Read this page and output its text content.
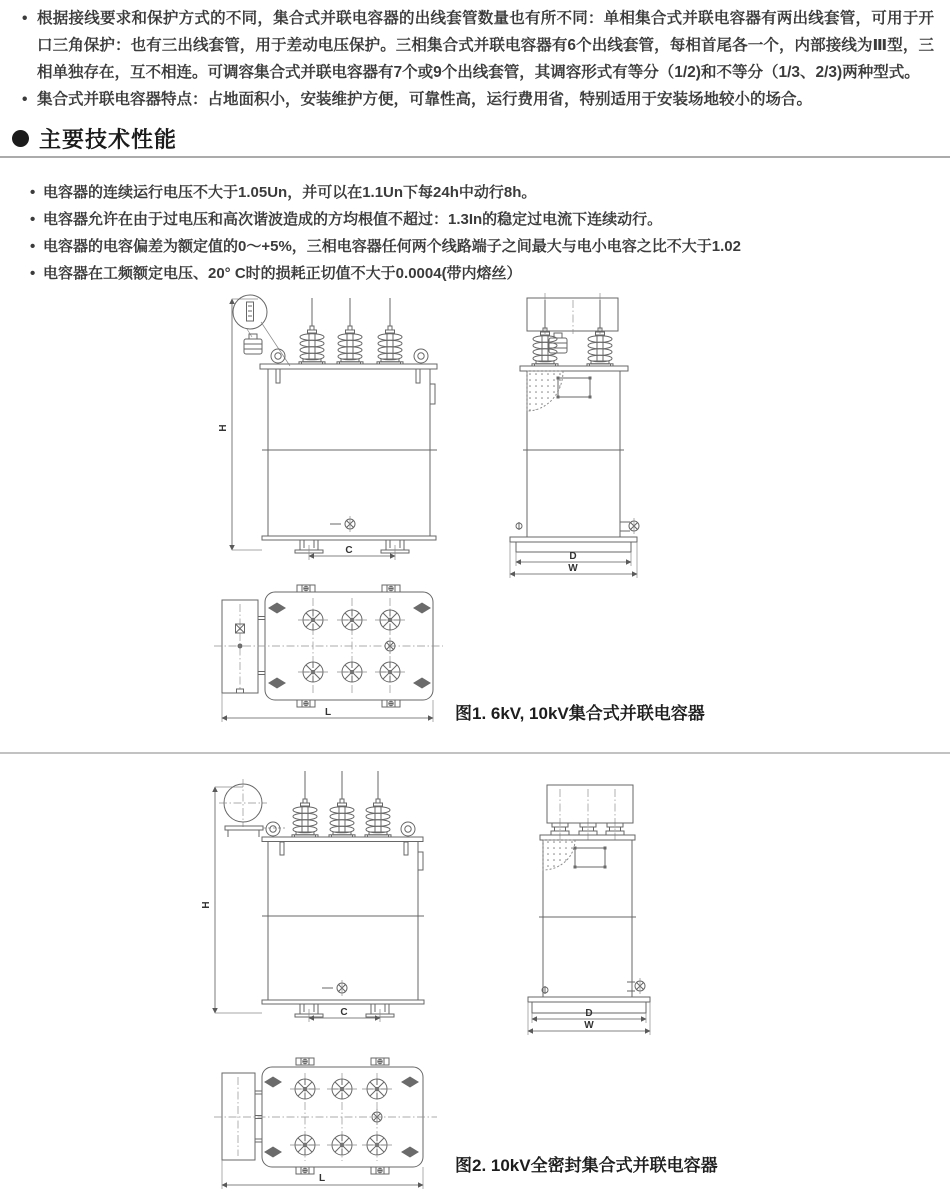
• 根据接线要求和保护方式的不同，集合式并联电容器的出线套管数量也有所不同：单相集合式并联电容器有两出线套管，可用于开口三角保护：也有三出线套管，用于差动电压保护。三相集合式并联电容器有6个出线套管，每相首尾各一个，内部接线为Ⅲ型，三相单独存在，互不相连。可调容集合式并联电容器有7个或9个出线套管，其调容形式有等分（1/2)和不等分（1/3、2/3)两种型式。
• 集合式并联电容器特点：占地面积小，安装维护方便，可靠性高，运行费用省，特别适用于安装场地较小的场合。
主要技术性能
• 电容器的连续运行电压不大于1.05Un，并可以在1.1Un下每24h中动行8h。
• 电容器允许在由于过电压和高次谐波造成的方均根值不超过：1.3In的稳定过电流下连续动行。
• 电容器的电容偏差为额定值的0～+5%，三相电容器任何两个线路端子之间最大与电小电容之比不大于1.02
• 电容器在工频额定电压、20° C时的损耗正切值不大于0.0004(带内熔丝）
H
C
D
W
L
H
C	D
W
L
图1. 6kV, 10kV集合式并联电容器
图2. 10kV全密封集合式并联电容器
